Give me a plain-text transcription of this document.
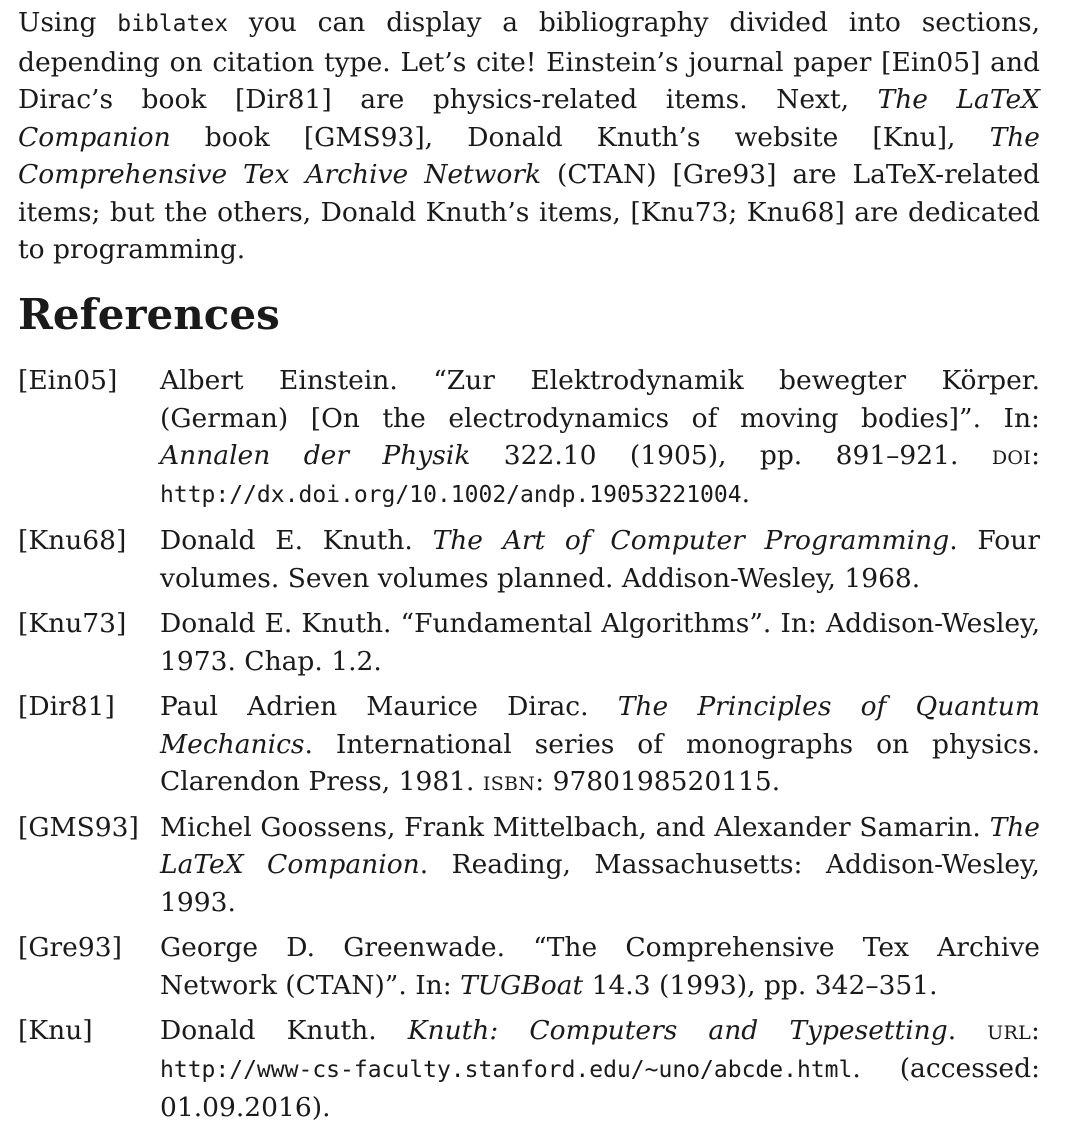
Using biblatex you can display a bibliography divided into sections, depending on citation type. Let’s cite! Einstein’s journal paper [Ein05] and Dirac’s book [Dir81] are physics-related items. Next, The LaTeX Companion book [GMS93], Donald Knuth’s website [Knu], The Comprehensive Tex Archive Network (CTAN) [Gre93] are LaTeX-related items; but the others, Donald Knuth’s items, [Knu73; Knu68] are dedicated to programming.

References
[Ein05]	Albert Einstein. “Zur Elektrodynamik bewegter Körper. (German) [On the electrodynamics of moving bodies]”. In: Annalen der Physik 322.10 (1905), pp. 891–921. doi: http://dx.doi.org/10.1002/andp.19053221004.
[Knu68]	Donald E. Knuth. The Art of Computer Programming. Four volumes. Seven volumes planned. Addison-Wesley, 1968.
[Knu73]	Donald E. Knuth. “Fundamental Algorithms”. In: Addison-Wesley, 1973. Chap. 1.2.
[Dir81]	Paul Adrien Maurice Dirac. The Principles of Quantum Mechanics. International series of monographs on physics. Clarendon Press, 1981. isbn: 9780198520115.
[GMS93] Michel Goossens, Frank Mittelbach, and Alexander Samarin. The LaTeX Companion. Reading, Massachusetts: Addison-Wesley, 1993.
[Gre93]	George D. Greenwade. “The Comprehensive Tex Archive Network (CTAN)”. In: TUGBoat 14.3 (1993), pp. 342–351.
[Knu]	Donald Knuth. Knuth: Computers and Typesetting. url: http://www-cs-faculty.stanford.edu/~uno/abcde.html. (accessed: 01.09.2016).
